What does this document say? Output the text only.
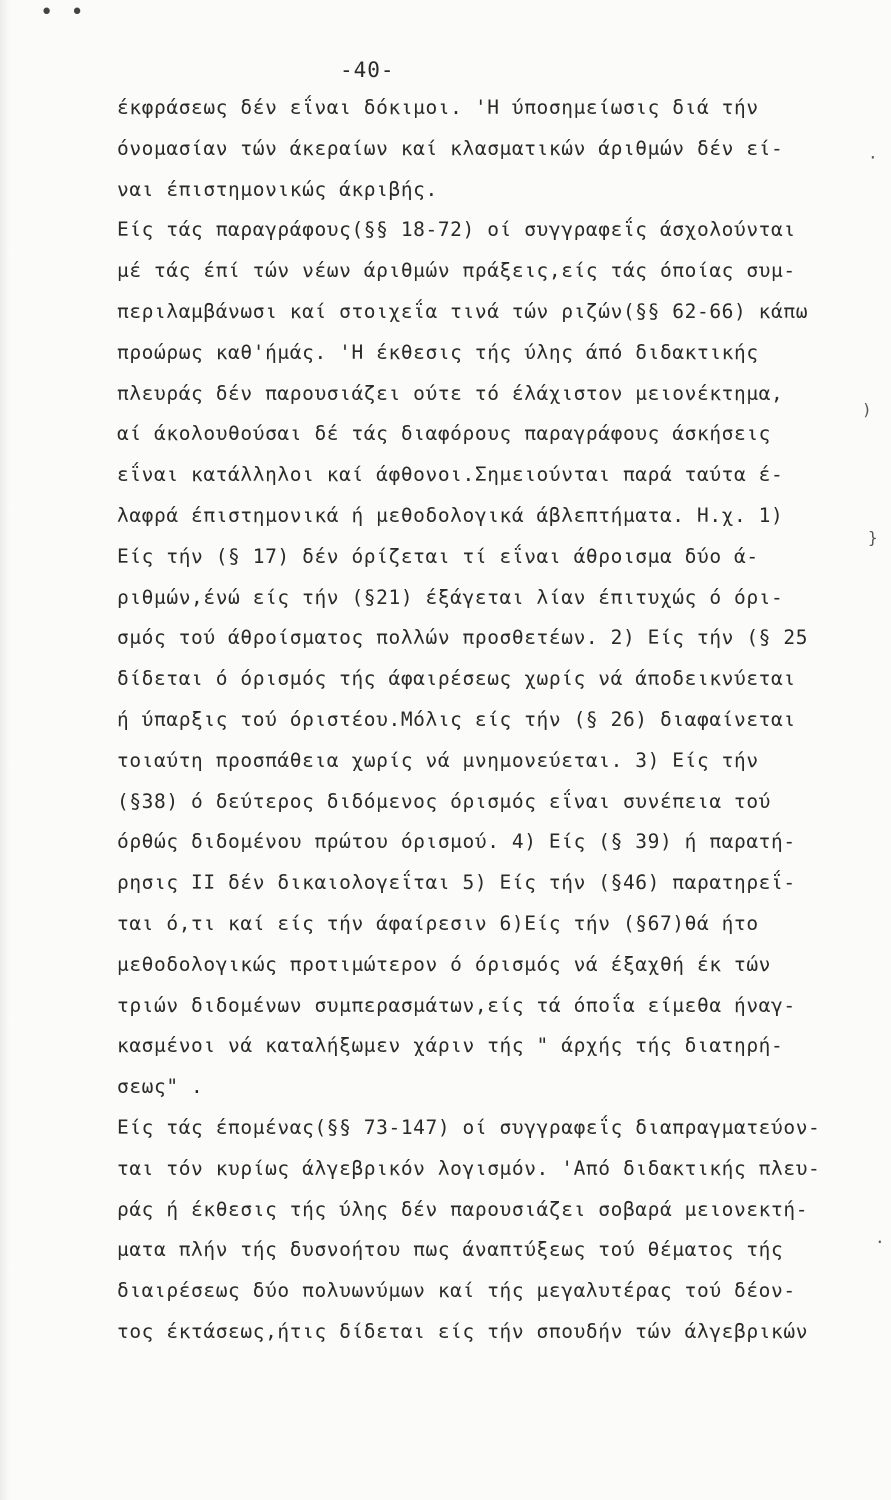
• •
-40-
έκφράσεως δέν εΐναι δόκιμοι. 'Η ύποσημείωσις διά τήν
όνομασίαν τών άκεραίων καί κλασματικών άριθμών δέν εί-
ναι έπιστημονικώς άκριβής.
Είς τάς παραγράφους(§§ 18-72) οί συγγραφεΐς άσχολούνται
μέ τάς έπί τών νέων άριθμών πράξεις,είς τάς όποίας συμ-
περιλαμβάνωσι καί στοιχεΐα τινά τών ριζών(§§ 62-66) κάπω
προώρως καθ'ήμάς. 'Η έκθεσις τής ύλης άπό διδακτικής
πλευράς δέν παρουσιάζει ούτε τό έλάχιστον μειονέκτημα,
αί άκολουθούσαι δέ τάς διαφόρους παραγράφους άσκήσεις
εΐναι κατάλληλοι καί άφθονοι.Σημειούνται παρά ταύτα έ-
λαφρά έπιστημονικά ή μεθοδολογικά άβλεπτήματα. Η.χ. 1)
Είς τήν (§ 17) δέν όρίζεται τί εΐναι άθροισμα δύο ά-
ριθμών,ένώ είς τήν (§21) έξάγεται λίαν έπιτυχώς ό όρι-
σμός τού άθροίσματος πολλών προσθετέων. 2) Είς τήν (§ 25
δίδεται ό όρισμός τής άφαιρέσεως χωρίς νά άποδεικνύεται
ή ύπαρξις τού όριστέου.Μόλις είς τήν (§ 26) διαφαίνεται
τοιαύτη προσπάθεια χωρίς νά μνημονεύεται. 3) Είς τήν
(§38) ό δεύτερος διδόμενος όρισμός εΐναι συνέπεια τού
όρθώς διδομένου πρώτου όρισμού. 4) Είς (§ 39) ή παρατή-
ρησις ΙΙ δέν δικαιολογεΐται 5) Είς τήν (§46) παρατηρεΐ-
ται ό,τι καί είς τήν άφαίρεσιν 6)Είς τήν (§67)θά ήτο
μεθοδολογικώς προτιμώτερον ό όρισμός νά έξαχθή έκ τών
τριών διδομένων συμπερασμάτων,είς τά όποΐα είμεθα ήναγ-
κασμένοι νά καταλήξωμεν χάριν τής " άρχής τής διατηρή-
σεως" .
Είς τάς έπομένας(§§ 73-147) οί συγγραφεΐς διαπραγματεύον-
ται τόν κυρίως άλγεβρικόν λογισμόν. 'Από διδακτικής πλευ-
ράς ή έκθεσις τής ύλης δέν παρουσιάζει σοβαρά μειονεκτή-
ματα πλήν τής δυσνοήτου πως άναπτύξεως τού θέματος τής
διαιρέσεως δύο πολυωνύμων καί τής μεγαλυτέρας τού δέον-
τος έκτάσεως,ήτις δίδεται είς τήν σπουδήν τών άλγεβρικών
·
)
}
.
